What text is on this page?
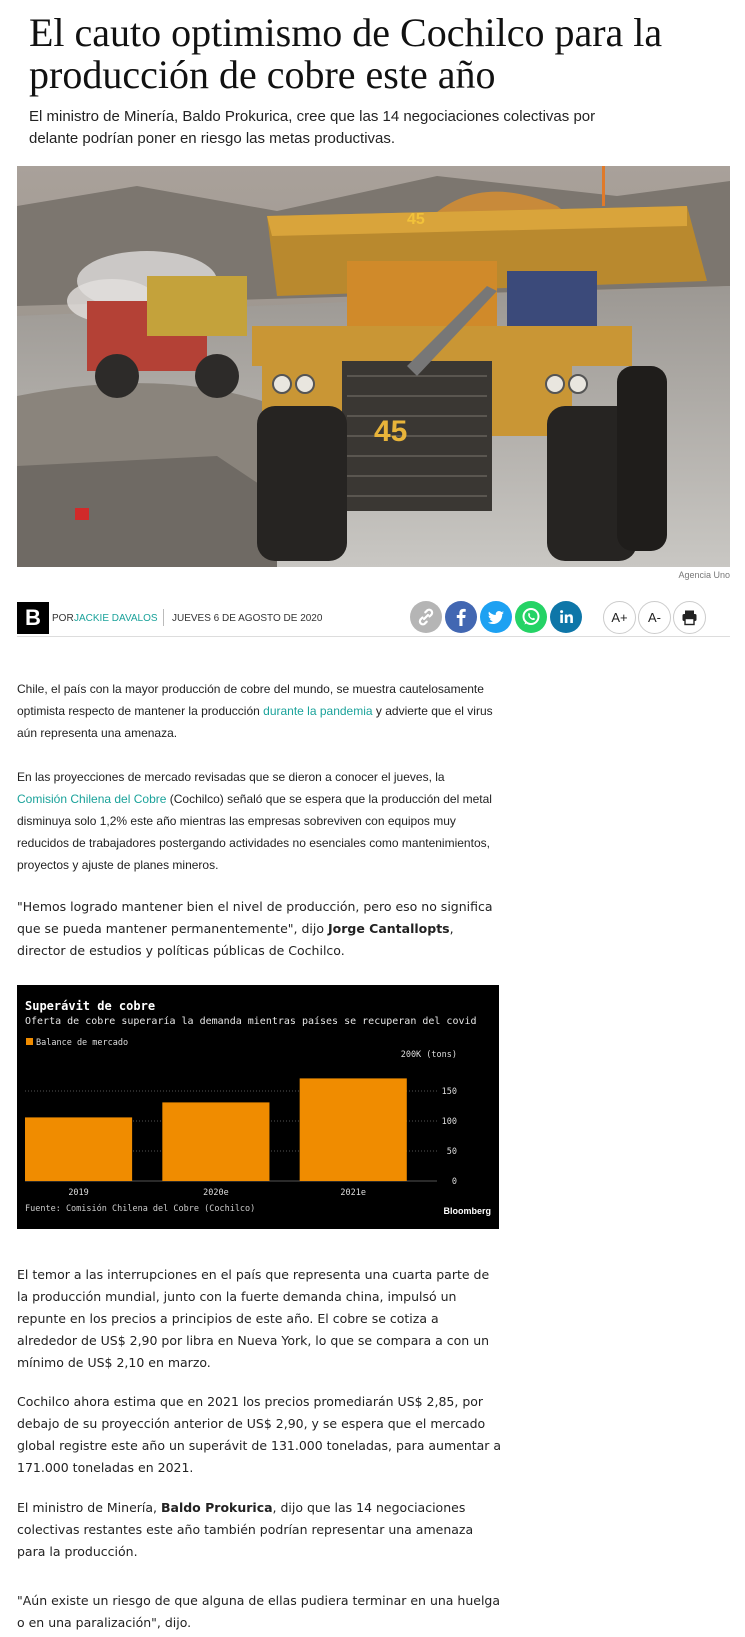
El cauto optimismo de Cochilco para la producción de cobre este año

El ministro de Minería, Baldo Prokurica, cree que las 14 negociaciones colectivas por delante podrían poner en riesgo las metas productivas.

45
45
Agencia Uno
B	POR JACKIE DAVALOS JUEVES 6 DE AGOSTO DE 2020	A+	A-

Chile, el país con la mayor producción de cobre del mundo, se muestra cautelosamente optimista respecto de mantener la producción durante la pandemia y advierte que el virus aún representa una amenaza.

En las proyecciones de mercado revisadas que se dieron a conocer el jueves, la Comisión Chilena del Cobre (Cochilco) señaló que se espera que la producción del metal disminuya solo 1,2% este año mientras las empresas sobreviven con equipos muy reducidos de trabajadores postergando actividades no esenciales como mantenimientos, proyectos y ajuste de planes mineros.

"Hemos logrado mantener bien el nivel de producción, pero eso no significa que se pueda mantener permanentemente", dijo Jorge Cantallopts, director de estudios y políticas públicas de Cochilco.

Superávit de cobre
Oferta de cobre superaría la demanda mientras países se recuperan del covid
Balance de mercado
200K (tons)
0
50
100
150
2019	2020e	2021e
Fuente: Comisión Chilena del Cobre (Cochilco)	Bloomberg

El temor a las interrupciones en el país que representa una cuarta parte de la producción mundial, junto con la fuerte demanda china, impulsó un repunte en los precios a principios de este año. El cobre se cotiza a alrededor de US$ 2,90 por libra en Nueva York, lo que se compara a con un mínimo de US$ 2,10 en marzo.

Cochilco ahora estima que en 2021 los precios promediarán US$ 2,85, por debajo de su proyección anterior de US$ 2,90, y se espera que el mercado global registre este año un superávit de 131.000 toneladas, para aumentar a 171.000 toneladas en 2021.

El ministro de Minería, Baldo Prokurica, dijo que las 14 negociaciones colectivas restantes este año también podrían representar una amenaza para la producción.

"Aún existe un riesgo de que alguna de ellas pudiera terminar en una huelga o en una paralización", dijo.
